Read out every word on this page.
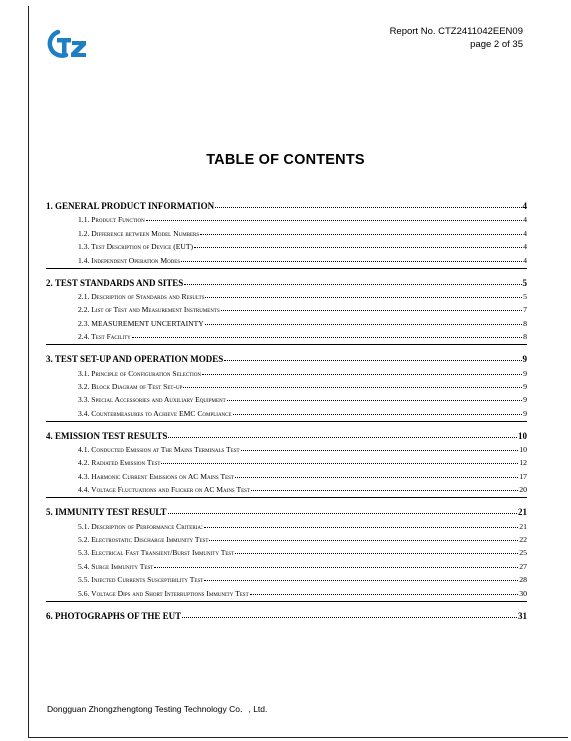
Report No. CTZ2411042EEN09
page 2 of 35
TABLE OF CONTENTS
1. GENERAL PRODUCT INFORMATION	4
1.1. Product Function	4
1.2. Difference between Model Numbers	4
1.3. Test Description of Device (EUT)	4
1.4. Independent Operation Modes	4
2. TEST STANDARDS AND SITES	5
2.1. Description of Standards and Results	5
2.2. List of Test and Measurement Instruments	7
2.3. MEASUREMENT UNCERTAINTY	8
2.4. Test Facility	8
3. TEST SET-UP AND OPERATION MODES	9
3.1. Principle of Configuration Selection	9
3.2. Block Diagram of Test Set-up	9
3.3. Special Accessories and Auxiliary Equipment	9
3.4. Countermeasures to Achieve EMC Compliance	9
4. EMISSION TEST RESULTS	10
4.1. Conducted Emission at The Mains Terminals Test	10
4.2. Radiated Emission Test	12
4.3. Harmonic Current Emissions on AC Mains Test	17
4.4. Voltage Fluctuations and Flicker on AC Mains Test	20
5. IMMUNITY TEST RESULT	21
5.1. Description of Performance Criteria:	21
5.2. Electrostatic Discharge Immunity Test	22
5.3. Electrical Fast Transient/Burst Immunity Test	25
5.4. Surge Immunity Test	27
5.5. Injected Currents Susceptibility Test	28
5.6. Voltage Dips and Short Interruptions Immunity Test	30
6. PHOTOGRAPHS OF THE EUT	31
Dongguan Zhongzhengtong Testing Technology Co．, Ltd.
